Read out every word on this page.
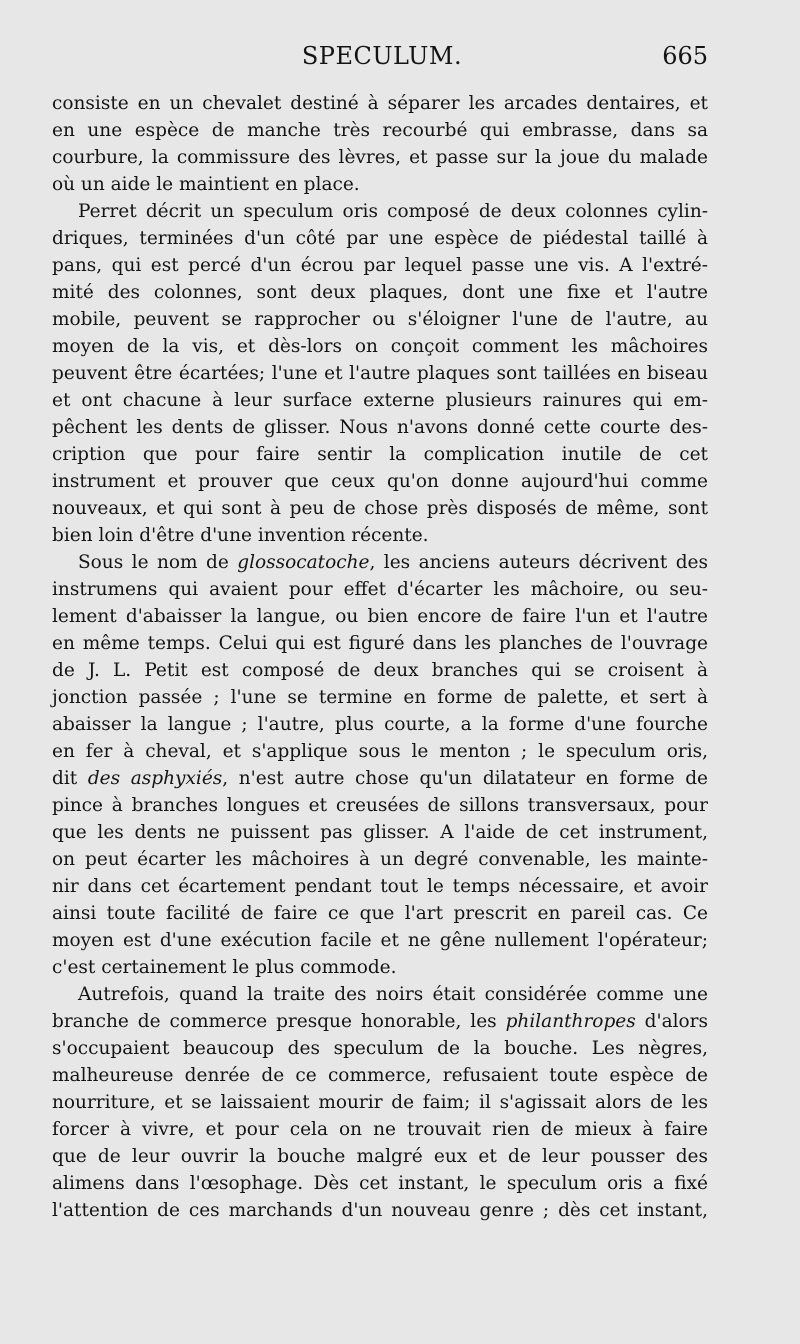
SPECULUM.	665
consiste en un chevalet destiné à séparer les arcades dentaires, et
en une espèce de manche très recourbé qui embrasse, dans sa
courbure, la commissure des lèvres, et passe sur la joue du malade
où un aide le maintient en place.
Perret décrit un speculum oris composé de deux colonnes cylin-
driques, terminées d'un côté par une espèce de piédestal taillé à
pans, qui est percé d'un écrou par lequel passe une vis. A l'extré-
mité des colonnes, sont deux plaques, dont une fixe et l'autre
mobile, peuvent se rapprocher ou s'éloigner l'une de l'autre, au
moyen de la vis, et dès-lors on conçoit comment les mâchoires
peuvent être écartées; l'une et l'autre plaques sont taillées en biseau
et ont chacune à leur surface externe plusieurs rainures qui em-
pêchent les dents de glisser. Nous n'avons donné cette courte des-
cription que pour faire sentir la complication inutile de cet
instrument et prouver que ceux qu'on donne aujourd'hui comme
nouveaux, et qui sont à peu de chose près disposés de même, sont
bien loin d'être d'une invention récente.
Sous le nom de glossocatoche, les anciens auteurs décrivent des
instrumens qui avaient pour effet d'écarter les mâchoire, ou seu-
lement d'abaisser la langue, ou bien encore de faire l'un et l'autre
en même temps. Celui qui est figuré dans les planches de l'ouvrage
de J. L. Petit est composé de deux branches qui se croisent à
jonction passée ; l'une se termine en forme de palette, et sert à
abaisser la langue ; l'autre, plus courte, a la forme d'une fourche
en fer à cheval, et s'applique sous le menton ; le speculum oris,
dit des asphyxiés, n'est autre chose qu'un dilatateur en forme de
pince à branches longues et creusées de sillons transversaux, pour
que les dents ne puissent pas glisser. A l'aide de cet instrument,
on peut écarter les mâchoires à un degré convenable, les mainte-
nir dans cet écartement pendant tout le temps nécessaire, et avoir
ainsi toute facilité de faire ce que l'art prescrit en pareil cas. Ce
moyen est d'une exécution facile et ne gêne nullement l'opérateur;
c'est certainement le plus commode.
Autrefois, quand la traite des noirs était considérée comme une
branche de commerce presque honorable, les philanthropes d'alors
s'occupaient beaucoup des speculum de la bouche. Les nègres,
malheureuse denrée de ce commerce, refusaient toute espèce de
nourriture, et se laissaient mourir de faim; il s'agissait alors de les
forcer à vivre, et pour cela on ne trouvait rien de mieux à faire
que de leur ouvrir la bouche malgré eux et de leur pousser des
alimens dans l'œsophage. Dès cet instant, le speculum oris a fixé
l'attention de ces marchands d'un nouveau genre ; dès cet instant,
